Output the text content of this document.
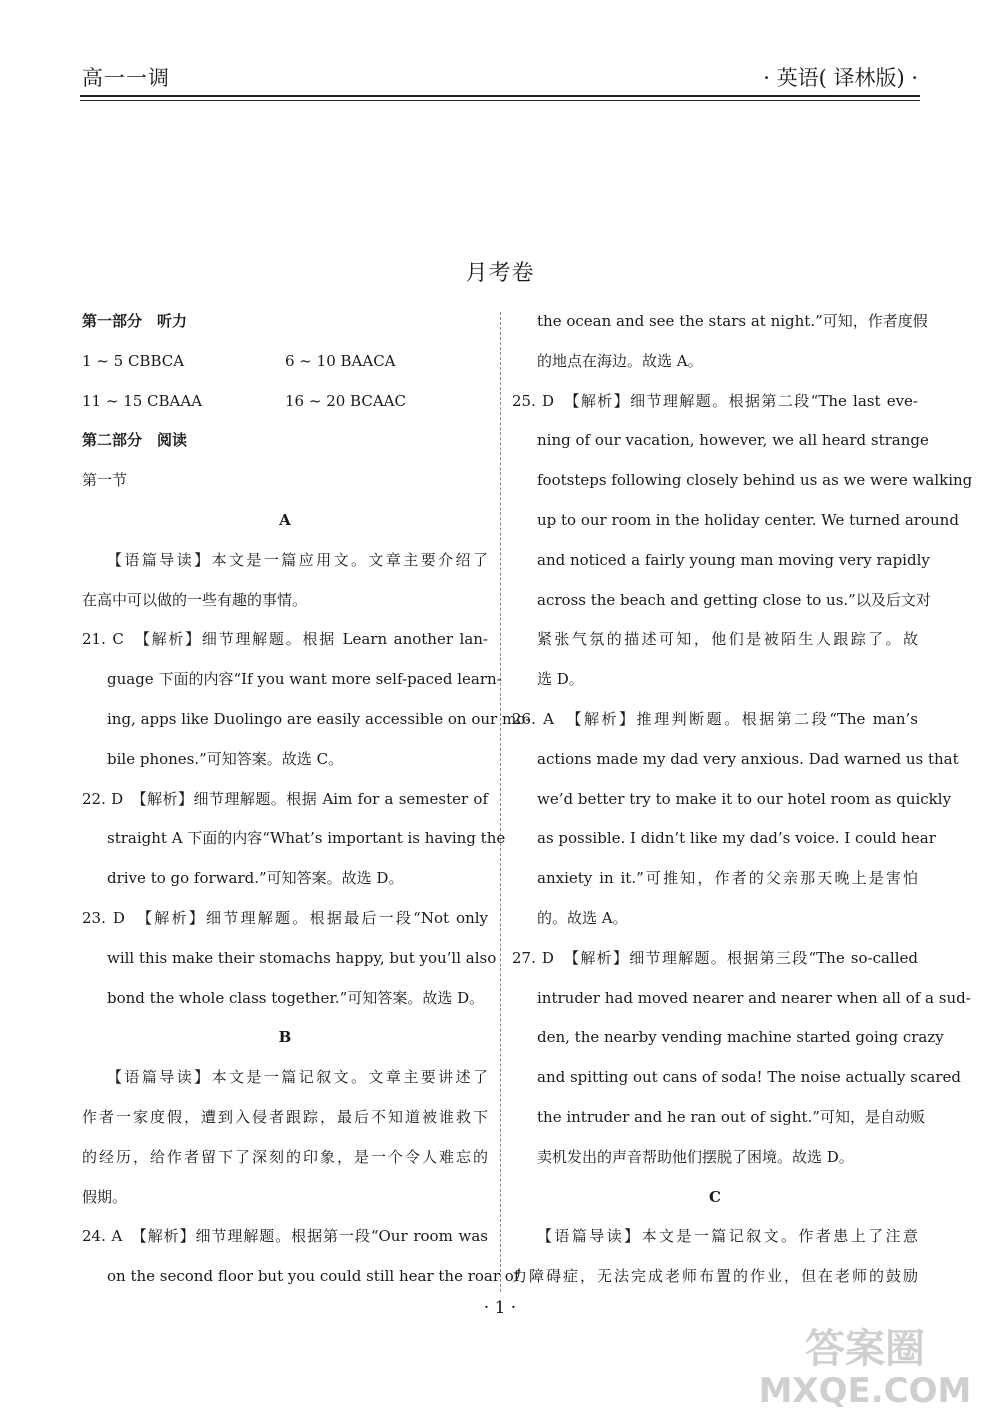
高一一调	· 英语( 译林版) ·
月考卷
第一部分　听力
1 ~ 5 CBBCA	6 ~ 10 BAACA
11 ~ 15 CBAAA	16 ~ 20 BCAAC
第二部分　阅读
第一节
A
【语篇导读】本文是一篇应用文。文章主要介绍了
在高中可以做的一些有趣的事情。
21. C　【解析】细节理解题。根据 Learn another lan-
guage 下面的内容“If you want more self-paced learn-
ing, apps like Duolingo are easily accessible on our mo-
bile phones.”可知答案。故选 C。
22. D　【解析】细节理解题。根据 Aim for a semester of
straight A 下面的内容“What’s important is having the
drive to go forward.”可知答案。故选 D。
23. D　【解析】细节理解题。根据最后一段“Not only
will this make their stomachs happy, but you’ll also
bond the whole class together.”可知答案。故选 D。
B
【语篇导读】本文是一篇记叙文。文章主要讲述了
作者一家度假，遭到入侵者跟踪，最后不知道被谁救下
的经历，给作者留下了深刻的印象，是一个令人难忘的
假期。
24. A　【解析】细节理解题。根据第一段“Our room was
on the second floor but you could still hear the roar of
the ocean and see the stars at night.”可知，作者度假
的地点在海边。故选 A。
25. D　【解析】细节理解题。根据第二段“The last eve-
ning of our vacation, however, we all heard strange
footsteps following closely behind us as we were walking
up to our room in the holiday center. We turned around
and noticed a fairly young man moving very rapidly
across the beach and getting close to us.”以及后文对
紧张气氛的描述可知，他们是被陌生人跟踪了。故
选 D。
26. A　【解析】推理判断题。根据第二段“The man’s
actions made my dad very anxious. Dad warned us that
we’d better try to make it to our hotel room as quickly
as possible. I didn’t like my dad’s voice. I could hear
anxiety in it.”可推知，作者的父亲那天晚上是害怕
的。故选 A。
27. D　【解析】细节理解题。根据第三段“The so-called
intruder had moved nearer and nearer when all of a sud-
den, the nearby vending machine started going crazy
and spitting out cans of soda! The noise actually scared
the intruder and he ran out of sight.”可知，是自动贩
卖机发出的声音帮助他们摆脱了困境。故选 D。
C
【语篇导读】本文是一篇记叙文。作者患上了注意
力障碍症，无法完成老师布置的作业，但在老师的鼓励
· 1 ·
答案圈
MXQE.COM
